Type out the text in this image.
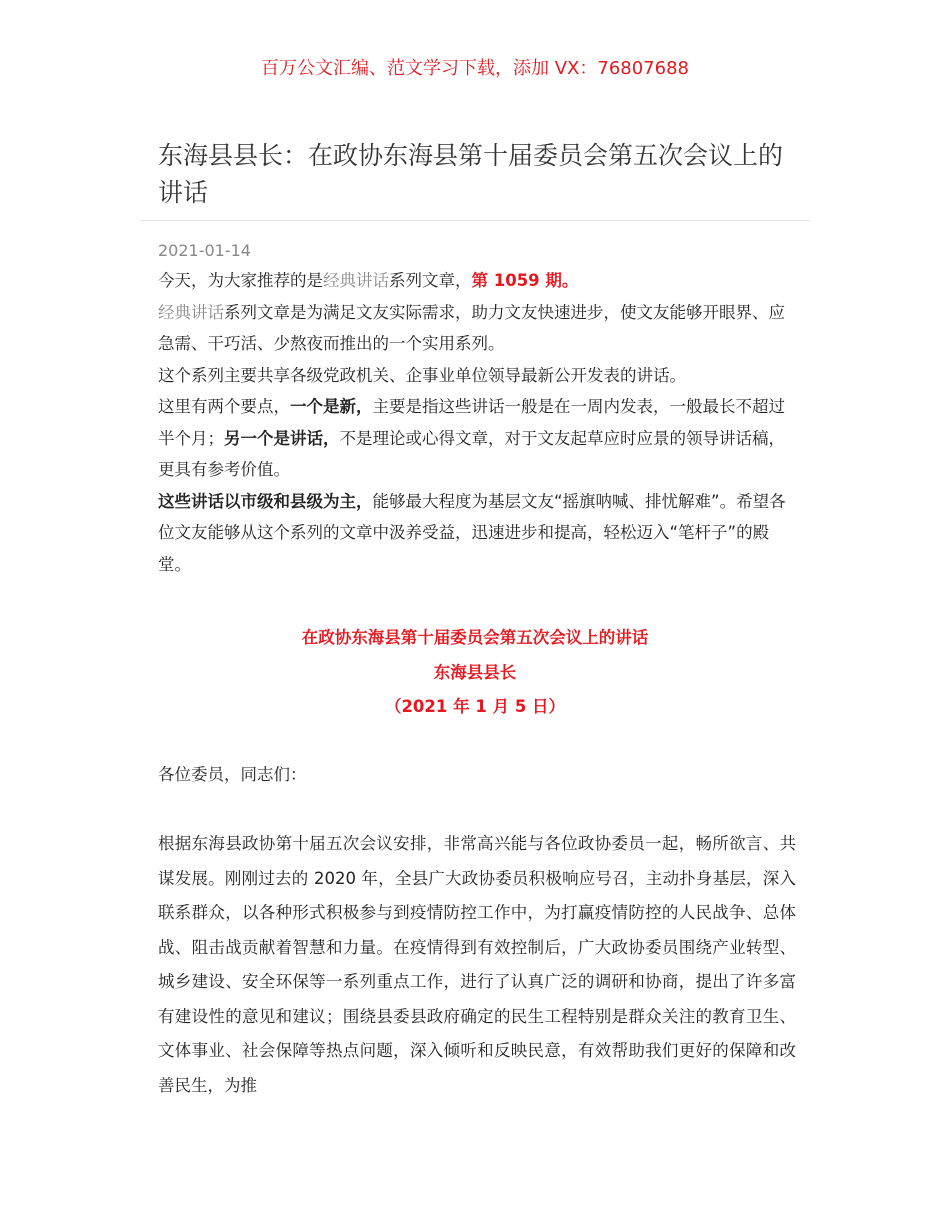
百万公文汇编、范文学习下载，添加 VX：76807688
东海县县长：在政协东海县第十届委员会第五次会议上的讲话
2021-01-14

今天，为大家推荐的是经典讲话系列文章，第 1059 期。

经典讲话系列文章是为满足文友实际需求，助力文友快速进步，使文友能够开眼界、应急需、干巧活、少熬夜而推出的一个实用系列。

这个系列主要共享各级党政机关、企事业单位领导最新公开发表的讲话。

这里有两个要点，一个是新，主要是指这些讲话一般是在一周内发表，一般最长不超过半个月；另一个是讲话，不是理论或心得文章，对于文友起草应时应景的领导讲话稿，更具有参考价值。

这些讲话以市级和县级为主，能够最大程度为基层文友“摇旗呐喊、排忧解难”。希望各位文友能够从这个系列的文章中汲养受益，迅速进步和提高，轻松迈入“笔杆子”的殿堂。

在政协东海县第十届委员会第五次会议上的讲话
东海县县长
（2021 年 1 月 5 日）
各位委员，同志们：

根据东海县政协第十届五次会议安排，非常高兴能与各位政协委员一起，畅所欲言、共谋发展。刚刚过去的 2020 年，全县广大政协委员积极响应号召，主动扑身基层，深入联系群众，以各种形式积极参与到疫情防控工作中，为打赢疫情防控的人民战争、总体战、阻击战贡献着智慧和力量。在疫情得到有效控制后，广大政协委员围绕产业转型、城乡建设、安全环保等一系列重点工作，进行了认真广泛的调研和协商，提出了许多富有建设性的意见和建议；围绕县委县政府确定的民生工程特别是群众关注的教育卫生、文体事业、社会保障等热点问题，深入倾听和反映民意，有效帮助我们更好的保障和改善民生，为推
